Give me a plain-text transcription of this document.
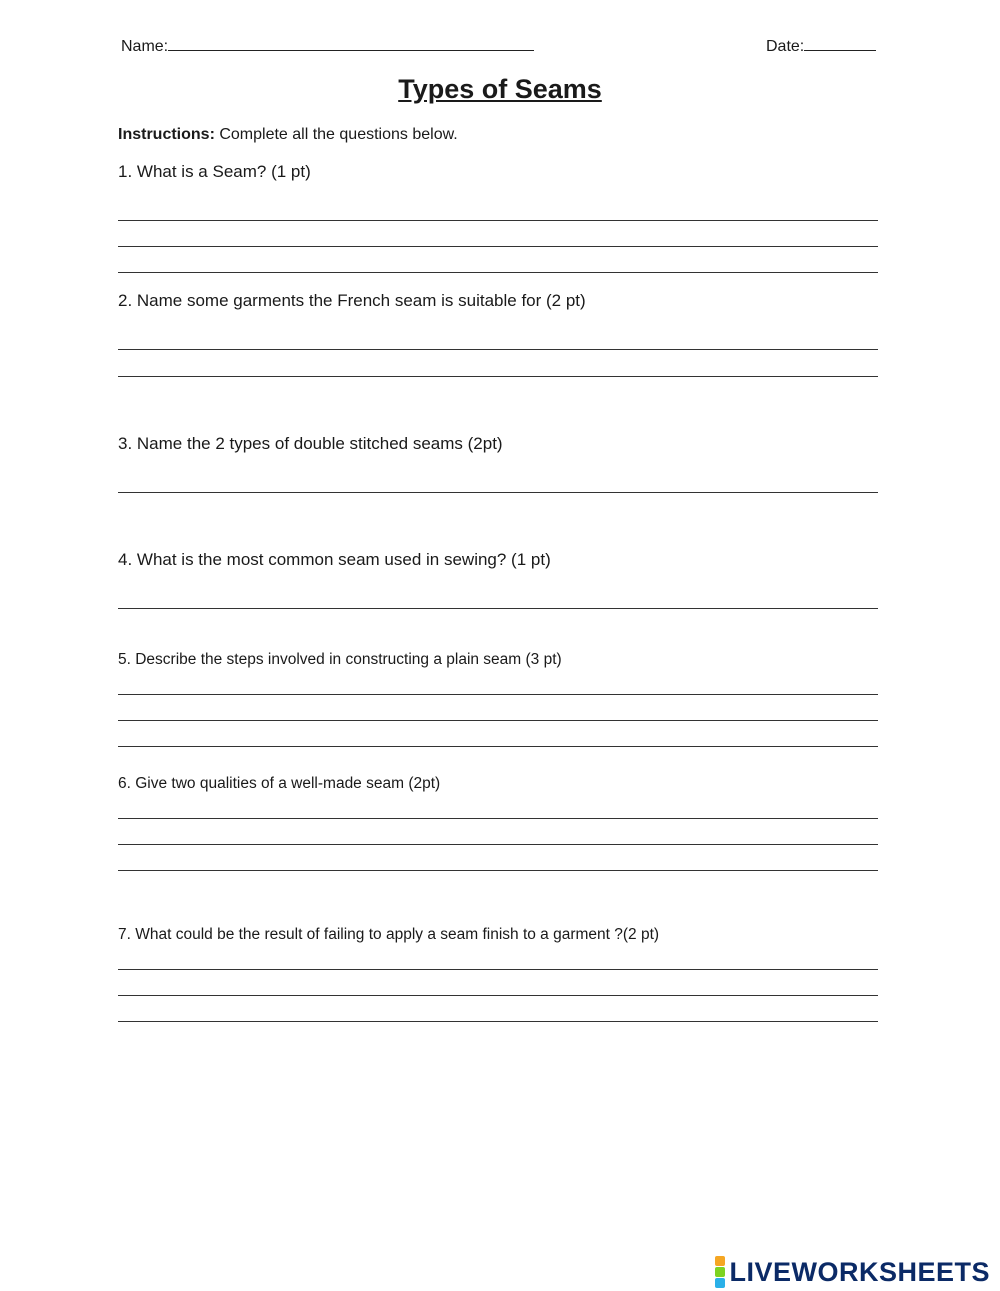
Name:	Date:
Types of Seams
Instructions: Complete all the questions below.
1. What is a Seam? (1 pt)
2. Name some garments the French seam is suitable for (2 pt)
3. Name the 2 types of double stitched seams (2pt)
4. What is the most common seam used in sewing? (1 pt)
5. Describe the steps involved in constructing a plain seam (3 pt)
6. Give two qualities of a well-made seam (2pt)
7. What could be the result of failing to apply a seam finish to a garment ?(2 pt)
LIVEWORKSHEETS
